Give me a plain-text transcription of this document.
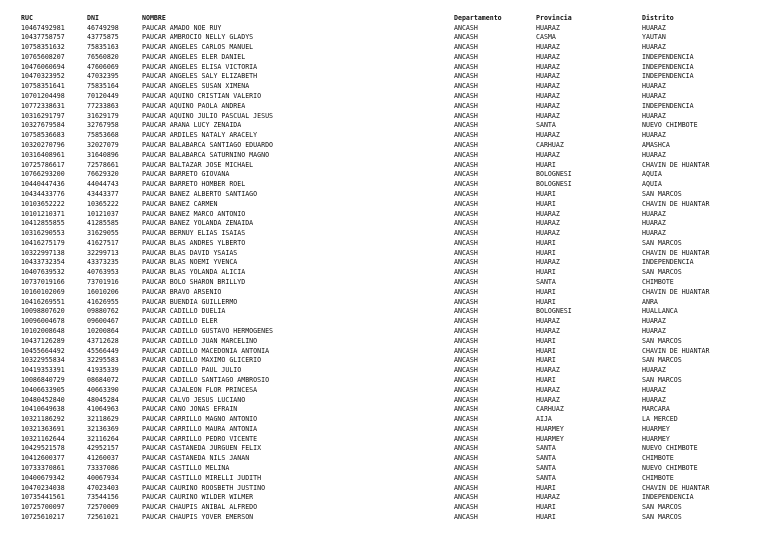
RUC	DNI	NOMBRE	Departamento	Provincia	Distrito
10467492981	46749298	PAUCAR AMADO NOE RUY	ANCASH	HUARAZ	HUARAZ
10437758757	43775875	PAUCAR AMBROCIO NELLY GLADYS	ANCASH	CASMA	YAUTAN
10758351632	75835163	PAUCAR ANGELES CARLOS MANUEL	ANCASH	HUARAZ	HUARAZ
10765608207	76560820	PAUCAR ANGELES ELER DANIEL	ANCASH	HUARAZ	INDEPENDENCIA
10476060694	47606069	PAUCAR ANGELES ELISA VICTORIA	ANCASH	HUARAZ	INDEPENDENCIA
10470323952	47032395	PAUCAR ANGELES SALY ELIZABETH	ANCASH	HUARAZ	INDEPENDENCIA
10758351641	75835164	PAUCAR ANGELES SUSAN XIMENA	ANCASH	HUARAZ	HUARAZ
10701204498	70120449	PAUCAR AQUINO CRISTIAN VALERIO	ANCASH	HUARAZ	HUARAZ
10772338631	77233863	PAUCAR AQUINO PAOLA ANDREA	ANCASH	HUARAZ	INDEPENDENCIA
10316291797	31629179	PAUCAR AQUIÑO JULIO PASCUAL JESUS	ANCASH	HUARAZ	HUARAZ
10327679584	32767958	PAUCAR ARANA LUCY ZENAIDA	ANCASH	SANTA	NUEVO CHIMBOTE
10758536683	75853668	PAUCAR ARDILES NATALY ARACELY	ANCASH	HUARAZ	HUARAZ
10320270796	32027079	PAUCAR BALABARCA SANTIAGO EDUARDO	ANCASH	CARHUAZ	AMASHCA
10316408961	31640896	PAUCAR BALABARCA SATURNINO MAGNO	ANCASH	HUARAZ	HUARAZ
10725786617	72578661	PAUCAR BALTAZAR JOSE MICHAEL	ANCASH	HUARI	CHAVIN DE HUANTAR
10766293200	76629320	PAUCAR BARRETO GIOVANA	ANCASH	BOLOGNESI	AQUIA
10440447436	44044743	PAUCAR BARRETO HOMBER ROEL	ANCASH	BOLOGNESI	AQUIA
10434433776	43443377	PAUCAR BAÑEZ ALBERTO SANTIAGO	ANCASH	HUARI	SAN MARCOS
10103652222	10365222	PAUCAR BAÑEZ CARMEN	ANCASH	HUARI	CHAVIN DE HUANTAR
10101210371	10121037	PAUCAR BAÑEZ MARCO ANTONIO	ANCASH	HUARAZ	HUARAZ
10412855855	41285585	PAUCAR BAÑEZ YOLANDA ZENAIDA	ANCASH	HUARAZ	HUARAZ
10316290553	31629055	PAUCAR BERNUY ELIAS ISAIAS	ANCASH	HUARAZ	HUARAZ
10416275179	41627517	PAUCAR BLAS ANDRES YLBERTO	ANCASH	HUARI	SAN MARCOS
10322997138	32299713	PAUCAR BLAS DAVID YSAIAS	ANCASH	HUARI	CHAVIN DE HUANTAR
10433732354	43373235	PAUCAR BLAS NOEMI YVENCA	ANCASH	HUARAZ	INDEPENDENCIA
10407639532	40763953	PAUCAR BLAS YOLANDA ALICIA	ANCASH	HUARI	SAN MARCOS
10737019166	73701916	PAUCAR BOLO SHARON BRILLYD	ANCASH	SANTA	CHIMBOTE
10160102069	16010206	PAUCAR BRAVO ARSENIO	ANCASH	HUARI	CHAVIN DE HUANTAR
10416269551	41626955	PAUCAR BUENDIA GUILLERMO	ANCASH	HUARI	ANRA
10098807620	09880762	PAUCAR CADILLO DUELIA	ANCASH	BOLOGNESI	HUALLANCA
10096004678	09600467	PAUCAR CADILLO ELER	ANCASH	HUARAZ	HUARAZ
10102008648	10200864	PAUCAR CADILLO GUSTAVO HERMOGENES	ANCASH	HUARAZ	HUARAZ
10437126289	43712628	PAUCAR CADILLO JUAN MARCELINO	ANCASH	HUARI	SAN MARCOS
10455664492	45566449	PAUCAR CADILLO MACEDONIA ANTONIA	ANCASH	HUARI	CHAVIN DE HUANTAR
10322955834	32295583	PAUCAR CADILLO MAXIMO GLICERIO	ANCASH	HUARI	SAN MARCOS
10419353391	41935339	PAUCAR CADILLO PAUL JULIO	ANCASH	HUARAZ	HUARAZ
10086840729	08684072	PAUCAR CADILLO SANTIAGO AMBROSIO	ANCASH	HUARI	SAN MARCOS
10406633905	40663390	PAUCAR CAJALEON FLOR PRINCESA	ANCASH	HUARAZ	HUARAZ
10480452840	48045284	PAUCAR CALVO JESUS LUCIANO	ANCASH	HUARAZ	HUARAZ
10410649638	41064963	PAUCAR CANO JONAS EFRAIN	ANCASH	CARHUAZ	MARCARA
10321186292	32118629	PAUCAR CARRILLO MAGNO ANTONIO	ANCASH	AIJA	LA MERCED
10321363691	32136369	PAUCAR CARRILLO MAURA ANTONIA	ANCASH	HUARMEY	HUARMEY
10321162644	32116264	PAUCAR CARRILLO PEDRO VICENTE	ANCASH	HUARMEY	HUARMEY
10429521578	42952157	PAUCAR CASTAÑEDA JURGUEN FELIX	ANCASH	SANTA	NUEVO CHIMBOTE
10412600377	41260037	PAUCAR CASTAÑEDA NILS JANAN	ANCASH	SANTA	CHIMBOTE
10733370861	73337086	PAUCAR CASTILLO MELINA	ANCASH	SANTA	NUEVO CHIMBOTE
10400679342	40067934	PAUCAR CASTILLO MIRELLI JUDITH	ANCASH	SANTA	CHIMBOTE
10470234038	47023403	PAUCAR CAURINO ROOSBETH JUSTINO	ANCASH	HUARI	CHAVIN DE HUANTAR
10735441561	73544156	PAUCAR CAURINO WILDER WILMER	ANCASH	HUARAZ	INDEPENDENCIA
10725700097	72570009	PAUCAR CHAUPIS ANIBAL ALFREDO	ANCASH	HUARI	SAN MARCOS
10725610217	72561021	PAUCAR CHAUPIS YOVER EMERSON	ANCASH	HUARI	SAN MARCOS
